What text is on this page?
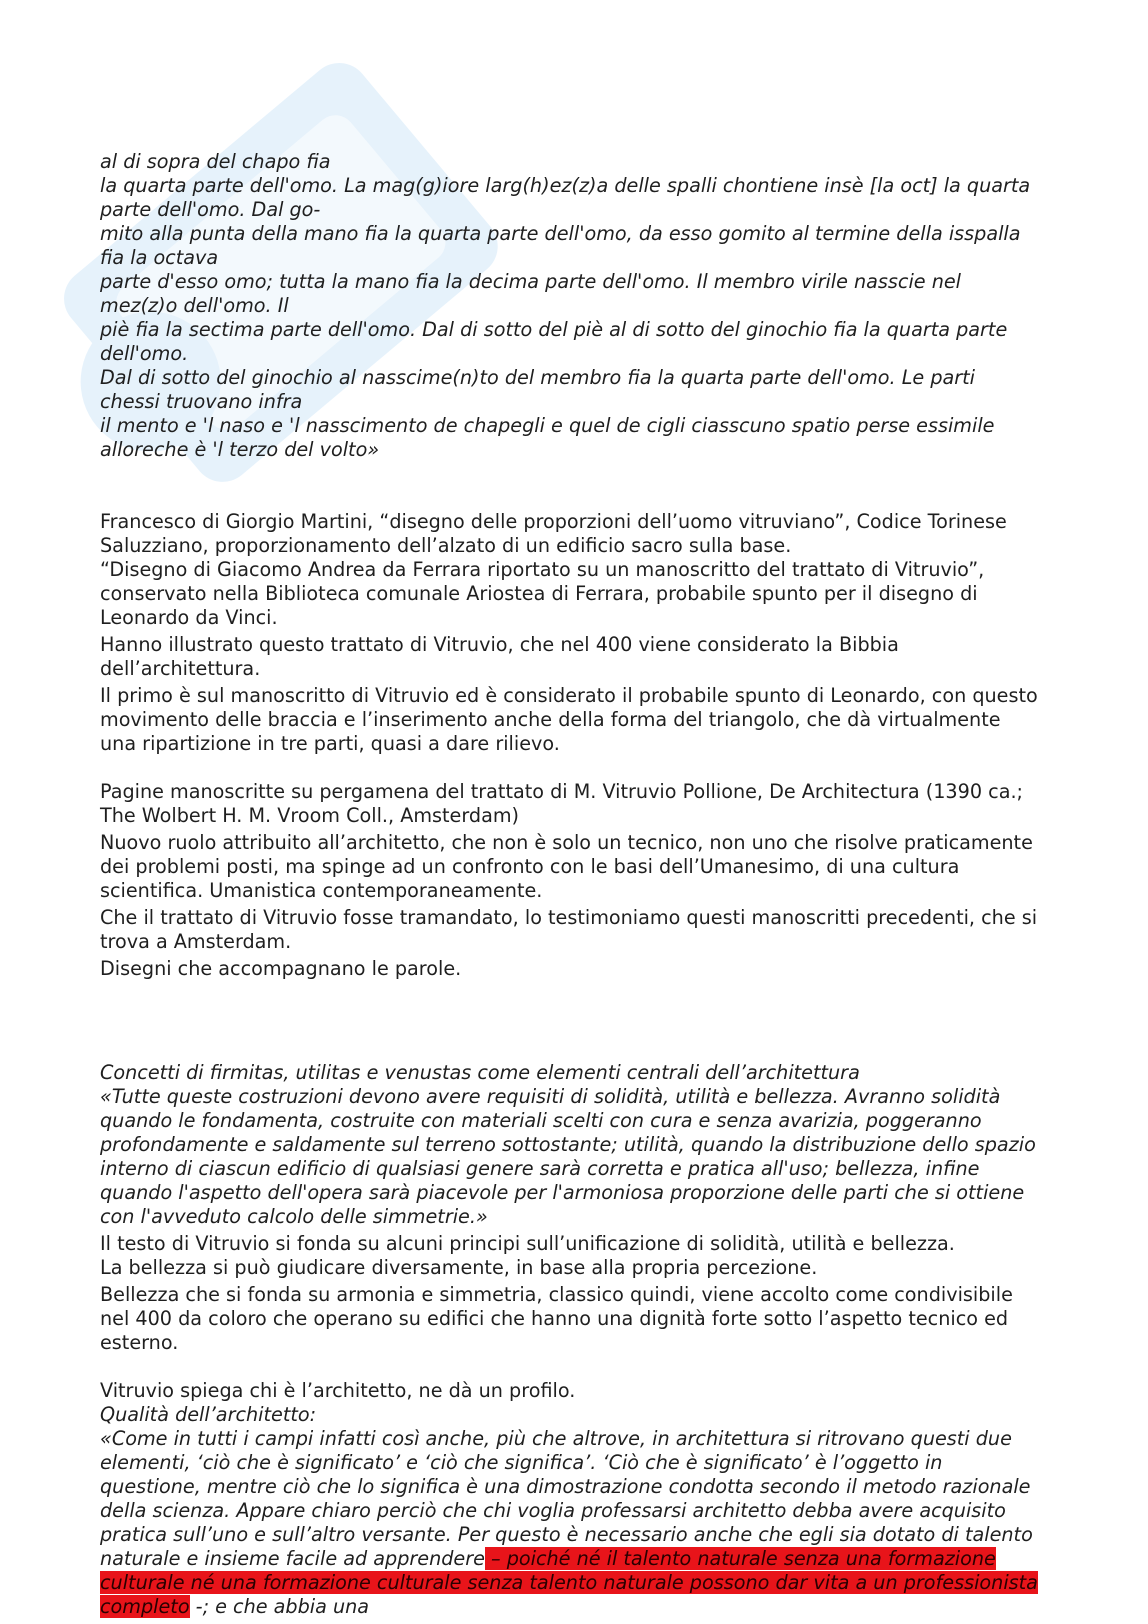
al di sopra del chapo fia

la quarta parte dell'omo. La mag(g)iore larg(h)ez(z)a delle spalli chontiene insè [la oct] la quarta parte dell'omo. Dal go-

mito alla punta della mano fia la quarta parte dell'omo, da esso gomito al termine della isspalla fia la octava

parte d'esso omo; tutta la mano fia la decima parte dell'omo. Il membro virile nasscie nel mez(z)o dell'omo. Il

piè fia la sectima parte dell'omo. Dal di sotto del piè al di sotto del ginochio fia la quarta parte dell'omo.

Dal di sotto del ginochio al nasscime(n)to del membro fia la quarta parte dell'omo. Le parti chessi truovano infra

il mento e 'l naso e 'l nasscimento de chapegli e quel de cigli ciasscuno spatio perse essimile alloreche è 'l terzo del volto»

Francesco di Giorgio Martini, “disegno delle proporzioni dell’uomo vitruviano”, Codice Torinese Saluzziano, proporzionamento dell’alzato di un edificio sacro sulla base.

“Disegno di Giacomo Andrea da Ferrara riportato su un manoscritto del trattato di Vitruvio”, conservato nella Biblioteca comunale Ariostea di Ferrara, probabile spunto per il disegno di Leonardo da Vinci.

Hanno illustrato questo trattato di Vitruvio, che nel 400 viene considerato la Bibbia dell’architettura.

Il primo è sul manoscritto di Vitruvio ed è considerato il probabile spunto di Leonardo, con questo movimento delle braccia e l’inserimento anche della forma del triangolo, che dà virtualmente una ripartizione in tre parti, quasi a dare rilievo.

Pagine manoscritte su pergamena del trattato di M. Vitruvio Pollione, De Architectura (1390 ca.; The Wolbert H. M. Vroom Coll., Amsterdam)

Nuovo ruolo attribuito all’architetto, che non è solo un tecnico, non uno che risolve praticamente dei problemi posti, ma spinge ad un confronto con le basi dell’Umanesimo, di una cultura scientifica. Umanistica contemporaneamente.

Che il trattato di Vitruvio fosse tramandato, lo testimoniamo questi manoscritti precedenti, che si trova a Amsterdam.

Disegni che accompagnano le parole.

Concetti di firmitas, utilitas e venustas come elementi centrali dell’architettura

«Tutte queste costruzioni devono avere requisiti di solidità, utilità e bellezza. Avranno solidità quando le fondamenta, costruite con materiali scelti con cura e senza avarizia, poggeranno profondamente e saldamente sul terreno sottostante; utilità, quando la distribuzione dello spazio interno di ciascun edificio di qualsiasi genere sarà corretta e pratica all'uso; bellezza, infine quando l'aspetto dell'opera sarà piacevole per l'armoniosa proporzione delle parti che si ottiene con l'avveduto calcolo delle simmetrie.»

Il testo di Vitruvio si fonda su alcuni principi sull’unificazione di solidità, utilità e bellezza.

La bellezza si può giudicare diversamente, in base alla propria percezione.

Bellezza che si fonda su armonia e simmetria, classico quindi, viene accolto come condivisibile nel 400 da coloro che operano su edifici che hanno una dignità forte sotto l’aspetto tecnico ed esterno.

Vitruvio spiega chi è l’architetto, ne dà un profilo.

Qualità dell’architetto:

«Come in tutti i campi infatti così anche, più che altrove, in architettura si ritrovano questi due elementi, ‘ciò che è significato’ e ‘ciò che significa’. ‘Ciò che è significato’ è l’oggetto in questione, mentre ciò che lo significa è una dimostrazione condotta secondo il metodo razionale della scienza. Appare chiaro perciò che chi voglia professarsi architetto debba avere acquisito pratica sull’uno e sull’altro versante. Per questo è necessario anche che egli sia dotato di talento naturale e insieme facile ad apprendere – poiché né il talento naturale senza una formazione culturale né una formazione culturale senza talento naturale possono dar vita a un professionista completo -; e che abbia una
